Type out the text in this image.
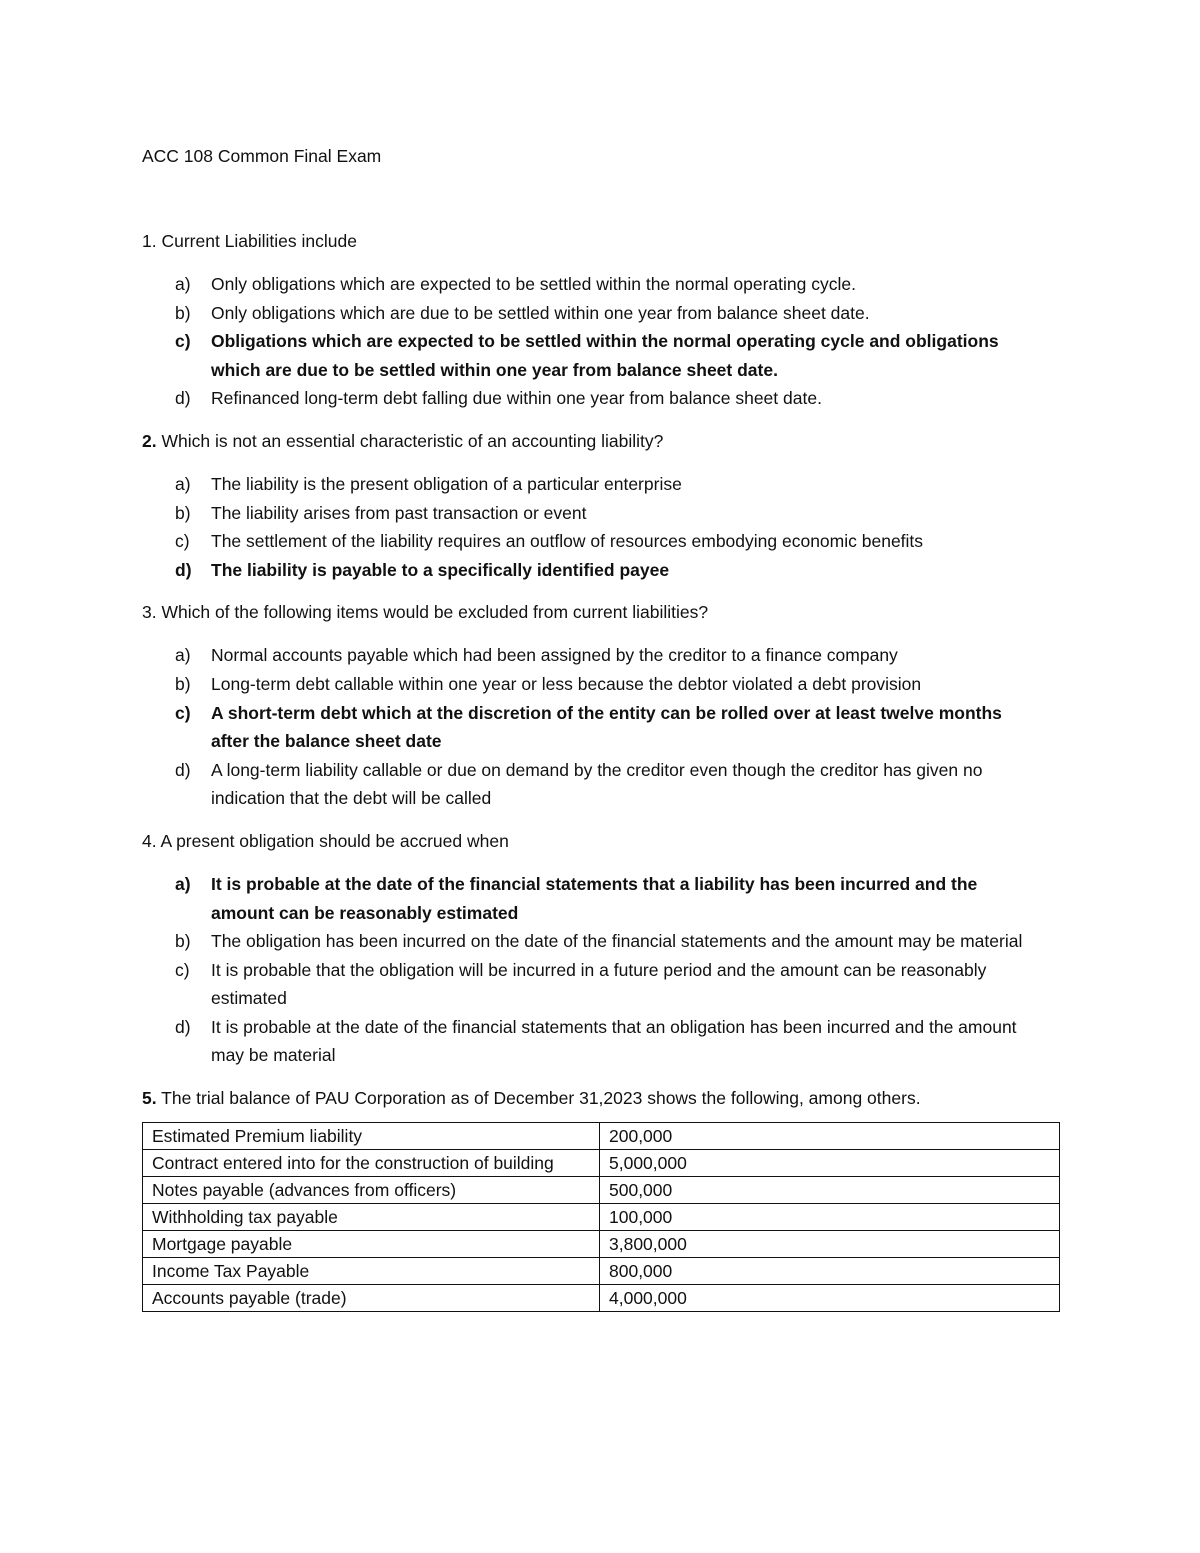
ACC 108 Common Final Exam

1. Current Liabilities include

a)	Only obligations which are expected to be settled within the normal operating cycle.
b)	Only obligations which are due to be settled within one year from balance sheet date.
c)	Obligations which are expected to be settled within the normal operating cycle and obligations which are due to be settled within one year from balance sheet date.
d)	Refinanced long-term debt falling due within one year from balance sheet date.

2. Which is not an essential characteristic of an accounting liability?

a)	The liability is the present obligation of a particular enterprise
b)	The liability arises from past transaction or event
c)	The settlement of the liability requires an outflow of resources embodying economic benefits
d)	The liability is payable to a specifically identified payee

3. Which of the following items would be excluded from current liabilities?

a)	Normal accounts payable which had been assigned by the creditor to a finance company
b)	Long-term debt callable within one year or less because the debtor violated a debt provision
c)	A short-term debt which at the discretion of the entity can be rolled over at least twelve months after the balance sheet date
d)	A long-term liability callable or due on demand by the creditor even though the creditor has given no indication that the debt will be called

4. A present obligation should be accrued when

a)	It is probable at the date of the financial statements that a liability has been incurred and the amount can be reasonably estimated
b)	The obligation has been incurred on the date of the financial statements and the amount may be material
c)	It is probable that the obligation will be incurred in a future period and the amount can be reasonably estimated
d)	It is probable at the date of the financial statements that an obligation has been incurred and the amount may be material

5. The trial balance of PAU Corporation as of December 31,2023 shows the following, among others.

Estimated Premium liability	200,000
Contract entered into for the construction of building	5,000,000
Notes payable (advances from officers)	500,000
Withholding tax payable	100,000
Mortgage payable	3,800,000
Income Tax Payable	800,000
Accounts payable (trade)	4,000,000
